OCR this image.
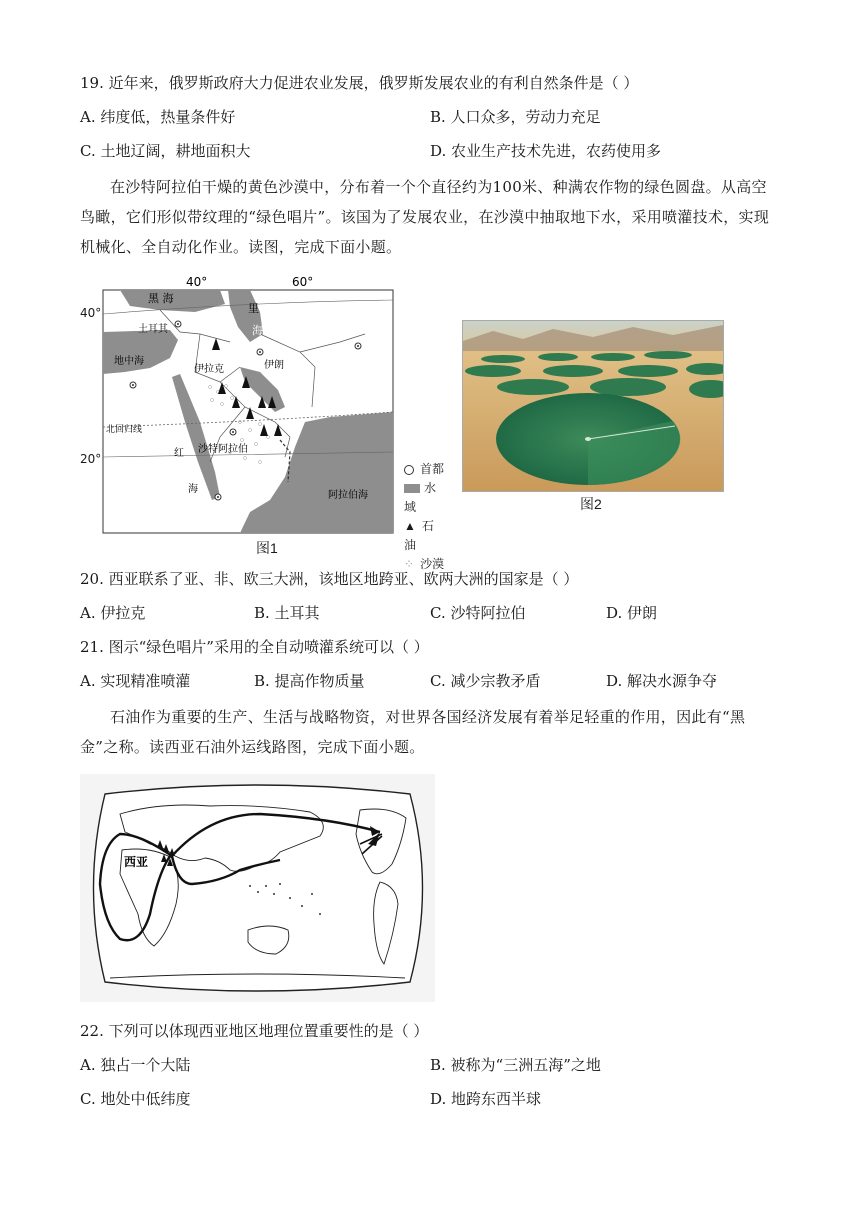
19. 近年来，俄罗斯政府大力促进农业发展，俄罗斯发展农业的有利自然条件是（ ）
A. 纬度低，热量条件好	B. 人口众多，劳动力充足
C. 土地辽阔，耕地面积大	D. 农业生产技术先进，农药使用多
在沙特阿拉伯干燥的黄色沙漠中，分布着一个个直径约为100米、种满农作物的绿色圆盘。从高空鸟瞰，它们形似带纹理的“绿色唱片”。该国为了发展农业，在沙漠中抽取地下水，采用喷灌技术，实现机械化、全自动化作业。读图，完成下面小题。
40°	60°
黑 海
里
海
土耳其
地中海
伊拉克	伊朗
沙特阿拉伯
红
海
阿拉伯海
北回归线
40°
20°
首都
水域
▲ 石油
⁘ 沙漠
图1
图2
20. 西亚联系了亚、非、欧三大洲，该地区地跨亚、欧两大洲的国家是（ ）
A. 伊拉克	B. 土耳其	C. 沙特阿拉伯	D. 伊朗
21. 图示“绿色唱片”采用的全自动喷灌系统可以（ ）
A. 实现精准喷灌	B. 提高作物质量	C. 减少宗教矛盾	D. 解决水源争夺
石油作为重要的生产、生活与战略物资，对世界各国经济发展有着举足轻重的作用，因此有“黑金”之称。读西亚石油外运线路图，完成下面小题。
西亚
22. 下列可以体现西亚地区地理位置重要性的是（ ）
A. 独占一个大陆	B. 被称为“三洲五海”之地
C. 地处中低纬度	D. 地跨东西半球
